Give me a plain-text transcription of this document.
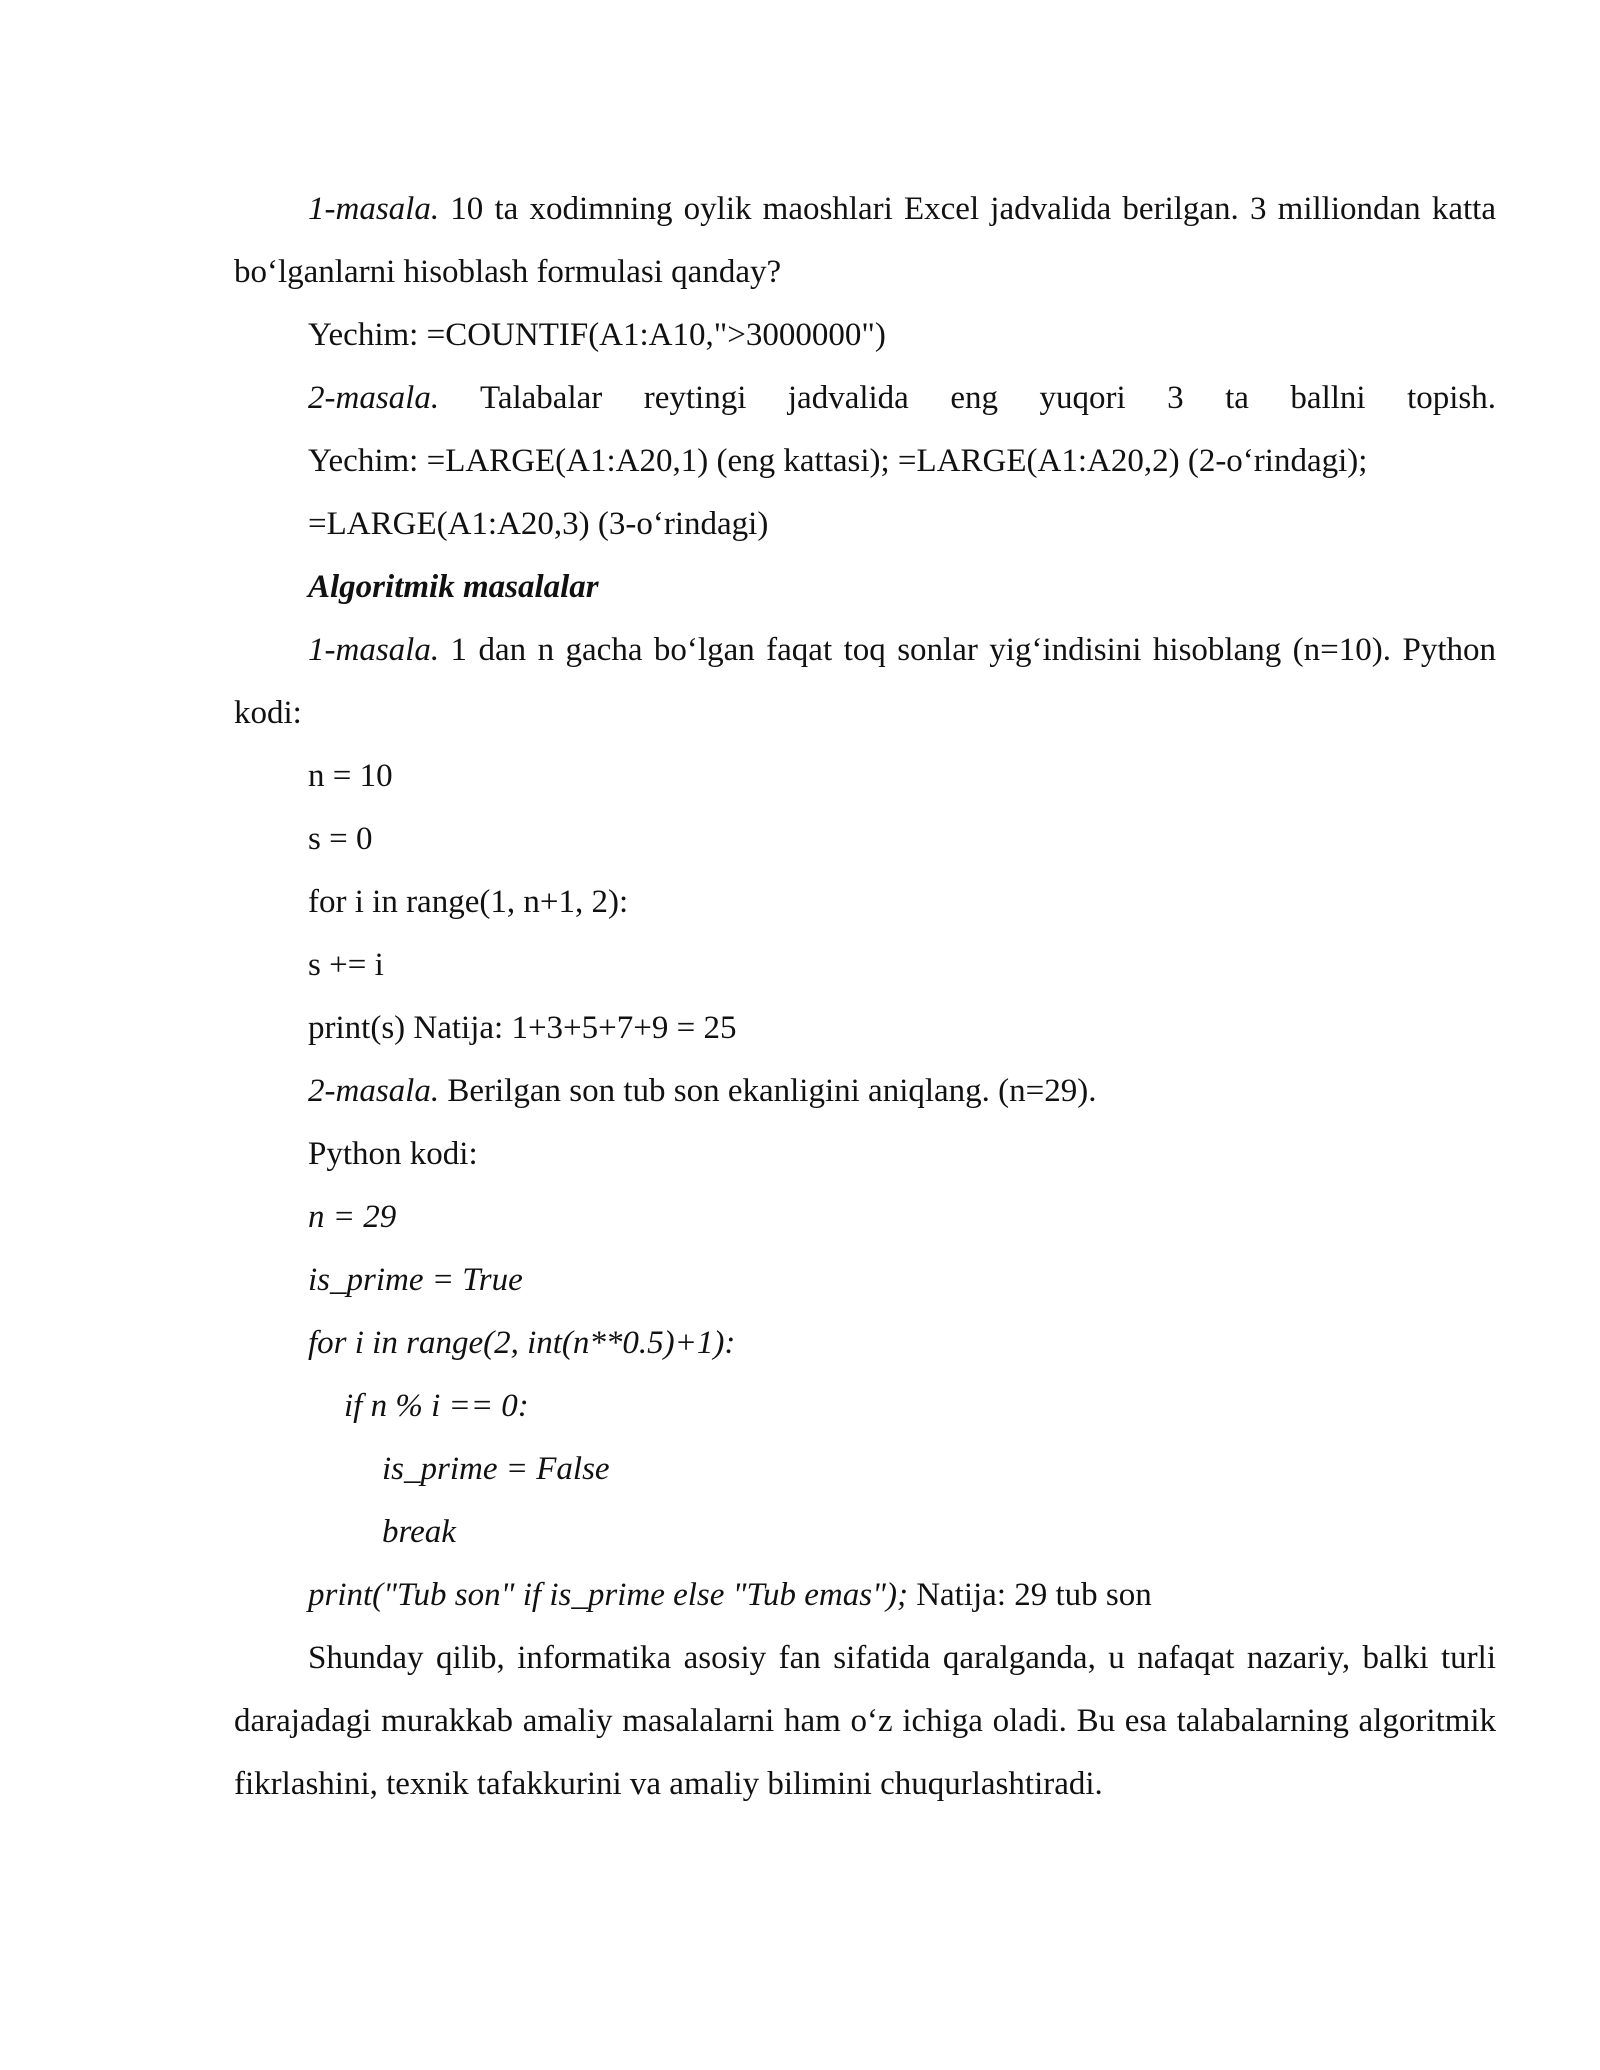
1-masala. 10 ta xodimning oylik maoshlari Excel jadvalida berilgan. 3 milliondan katta bo‘lganlarni hisoblash formulasi qanday?

Yechim: =COUNTIF(A1:A10,">3000000")

2-masala. Talabalar reytingi jadvalida eng yuqori 3 ta ballni topish.

Yechim: =LARGE(A1:A20,1) (eng kattasi); =LARGE(A1:A20,2) (2-o‘rindagi);

=LARGE(A1:A20,3) (3-o‘rindagi)

Algoritmik masalalar

1-masala. 1 dan n gacha bo‘lgan faqat toq sonlar yig‘indisini hisoblang (n=10). Python kodi:

n = 10

s = 0

for i in range(1, n+1, 2):

s += i

print(s) Natija: 1+3+5+7+9 = 25

2-masala. Berilgan son tub son ekanligini aniqlang. (n=29).

Python kodi:

n = 29

is_prime = True

for i in range(2, int(n**0.5)+1):

if n % i == 0:

is_prime = False

break

print("Tub son" if is_prime else "Tub emas"); Natija: 29 tub son

Shunday qilib, informatika asosiy fan sifatida qaralganda, u nafaqat nazariy, balki turli darajadagi murakkab amaliy masalalarni ham o‘z ichiga oladi. Bu esa talabalarning algoritmik fikrlashini, texnik tafakkurini va amaliy bilimini chuqurlashtiradi.
